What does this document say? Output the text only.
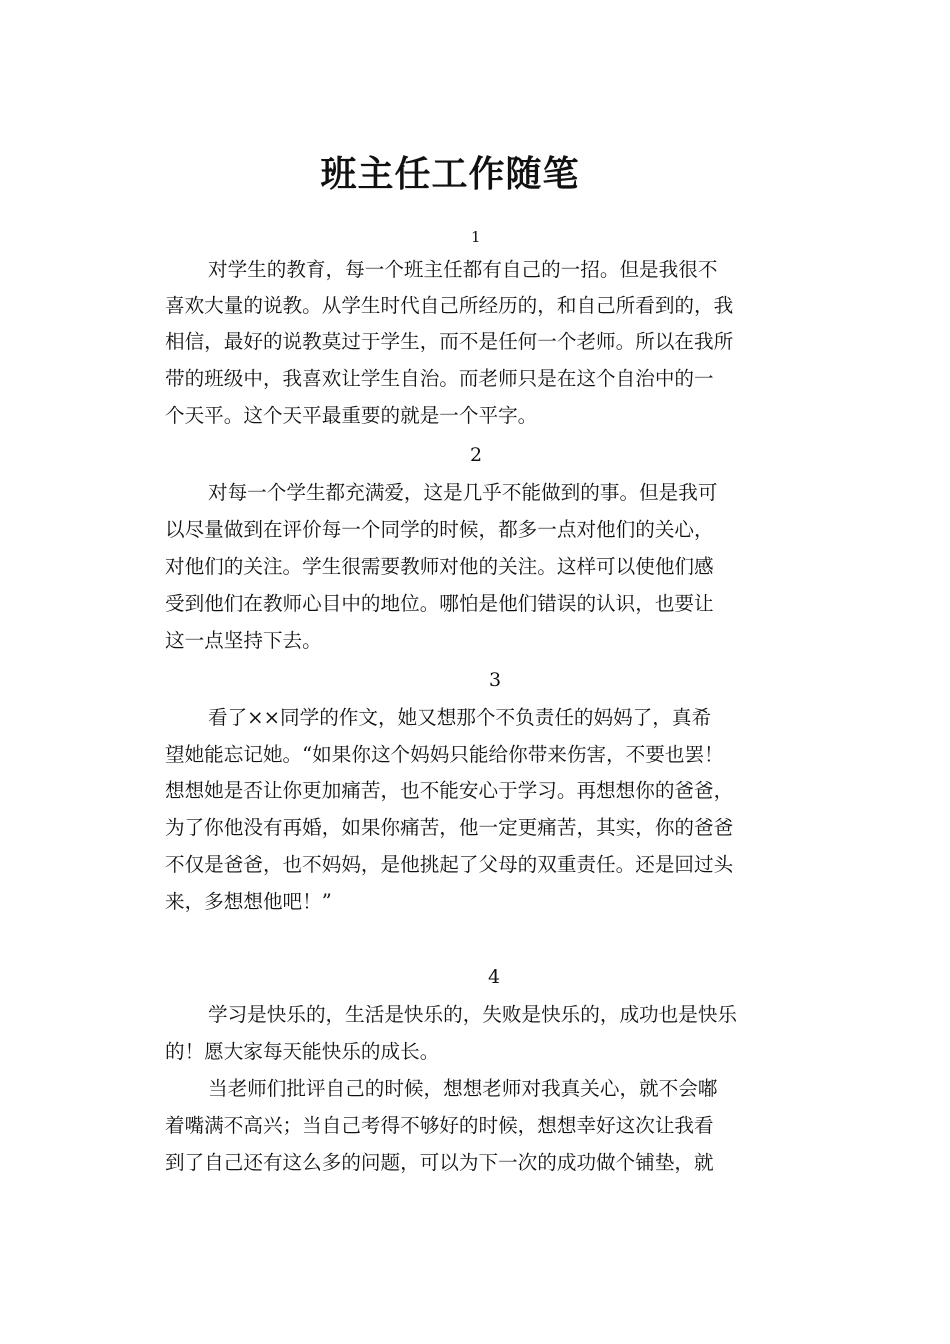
班主任工作随笔
1
对学生的教育，每一个班主任都有自己的一招。但是我很不
喜欢大量的说教。从学生时代自己所经历的，和自己所看到的，我
相信，最好的说教莫过于学生，而不是任何一个老师。所以在我所
带的班级中，我喜欢让学生自治。而老师只是在这个自治中的一
个天平。这个天平最重要的就是一个平字。
2
对每一个学生都充满爱，这是几乎不能做到的事。但是我可
以尽量做到在评价每一个同学的时候，都多一点对他们的关心，
对他们的关注。学生很需要教师对他的关注。这样可以使他们感
受到他们在教师心目中的地位。哪怕是他们错误的认识，也要让
这一点坚持下去。
3
看了××同学的作文，她又想那个不负责任的妈妈了，真希
望她能忘记她。“如果你这个妈妈只能给你带来伤害，不要也罢！
想想她是否让你更加痛苦，也不能安心于学习。再想想你的爸爸，
为了你他没有再婚，如果你痛苦，他一定更痛苦，其实，你的爸爸
不仅是爸爸，也不妈妈，是他挑起了父母的双重责任。还是回过头
来，多想想他吧！”
4
学习是快乐的，生活是快乐的，失败是快乐的，成功也是快乐
的！愿大家每天能快乐的成长。
当老师们批评自己的时候，想想老师对我真关心，就不会嘟
着嘴满不高兴；当自己考得不够好的时候，想想幸好这次让我看
到了自己还有这么多的问题，可以为下一次的成功做个铺垫，就
